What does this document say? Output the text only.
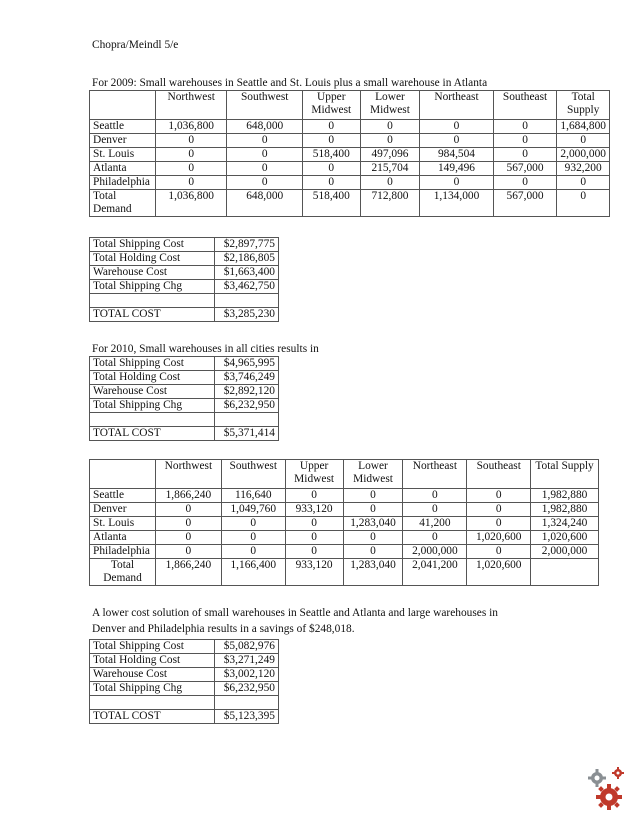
Chopra/Meindl 5/e
For 2009: Small warehouses in Seattle and St. Louis plus a small warehouse in Atlanta
	Northwest	Southwest	Upper Midwest	Lower Midwest	Northeast	Southeast	Total Supply
Seattle	1,036,800	648,000	0	0	0	0	1,684,800
Denver	0	0	0	0	0	0	0
St. Louis	0	0	518,400	497,096	984,504	0	2,000,000
Atlanta	0	0	0	215,704	149,496	567,000	932,200
Philadelphia	0	0	0	0	0	0	0
Total Demand	1,036,800	648,000	518,400	712,800	1,134,000	567,000	0
Total Shipping Cost	$2,897,775
Total Holding Cost	$2,186,805
Warehouse Cost	$1,663,400
Total Shipping Chg	$3,462,750

TOTAL COST	$3,285,230
For 2010, Small warehouses in all cities results in
Total Shipping Cost	$4,965,995
Total Holding Cost	$3,746,249
Warehouse Cost	$2,892,120
Total Shipping Chg	$6,232,950

TOTAL COST	$5,371,414
	Northwest	Southwest	Upper Midwest	Lower Midwest	Northeast	Southeast	Total Supply
Seattle	1,866,240	116,640	0	0	0	0	1,982,880
Denver	0	1,049,760	933,120	0	0	0	1,982,880
St. Louis	0	0	0	1,283,040	41,200	0	1,324,240
Atlanta	0	0	0	0	0	1,020,600	1,020,600
Philadelphia	0	0	0	0	2,000,000	0	2,000,000
Total Demand	1,866,240	1,166,400	933,120	1,283,040	2,041,200	1,020,600	
A lower cost solution of small warehouses in Seattle and Atlanta and large warehouses in
Denver and Philadelphia results in a savings of $248,018.
Total Shipping Cost	$5,082,976
Total Holding Cost	$3,271,249
Warehouse Cost	$3,002,120
Total Shipping Chg	$6,232,950

TOTAL COST	$5,123,395
